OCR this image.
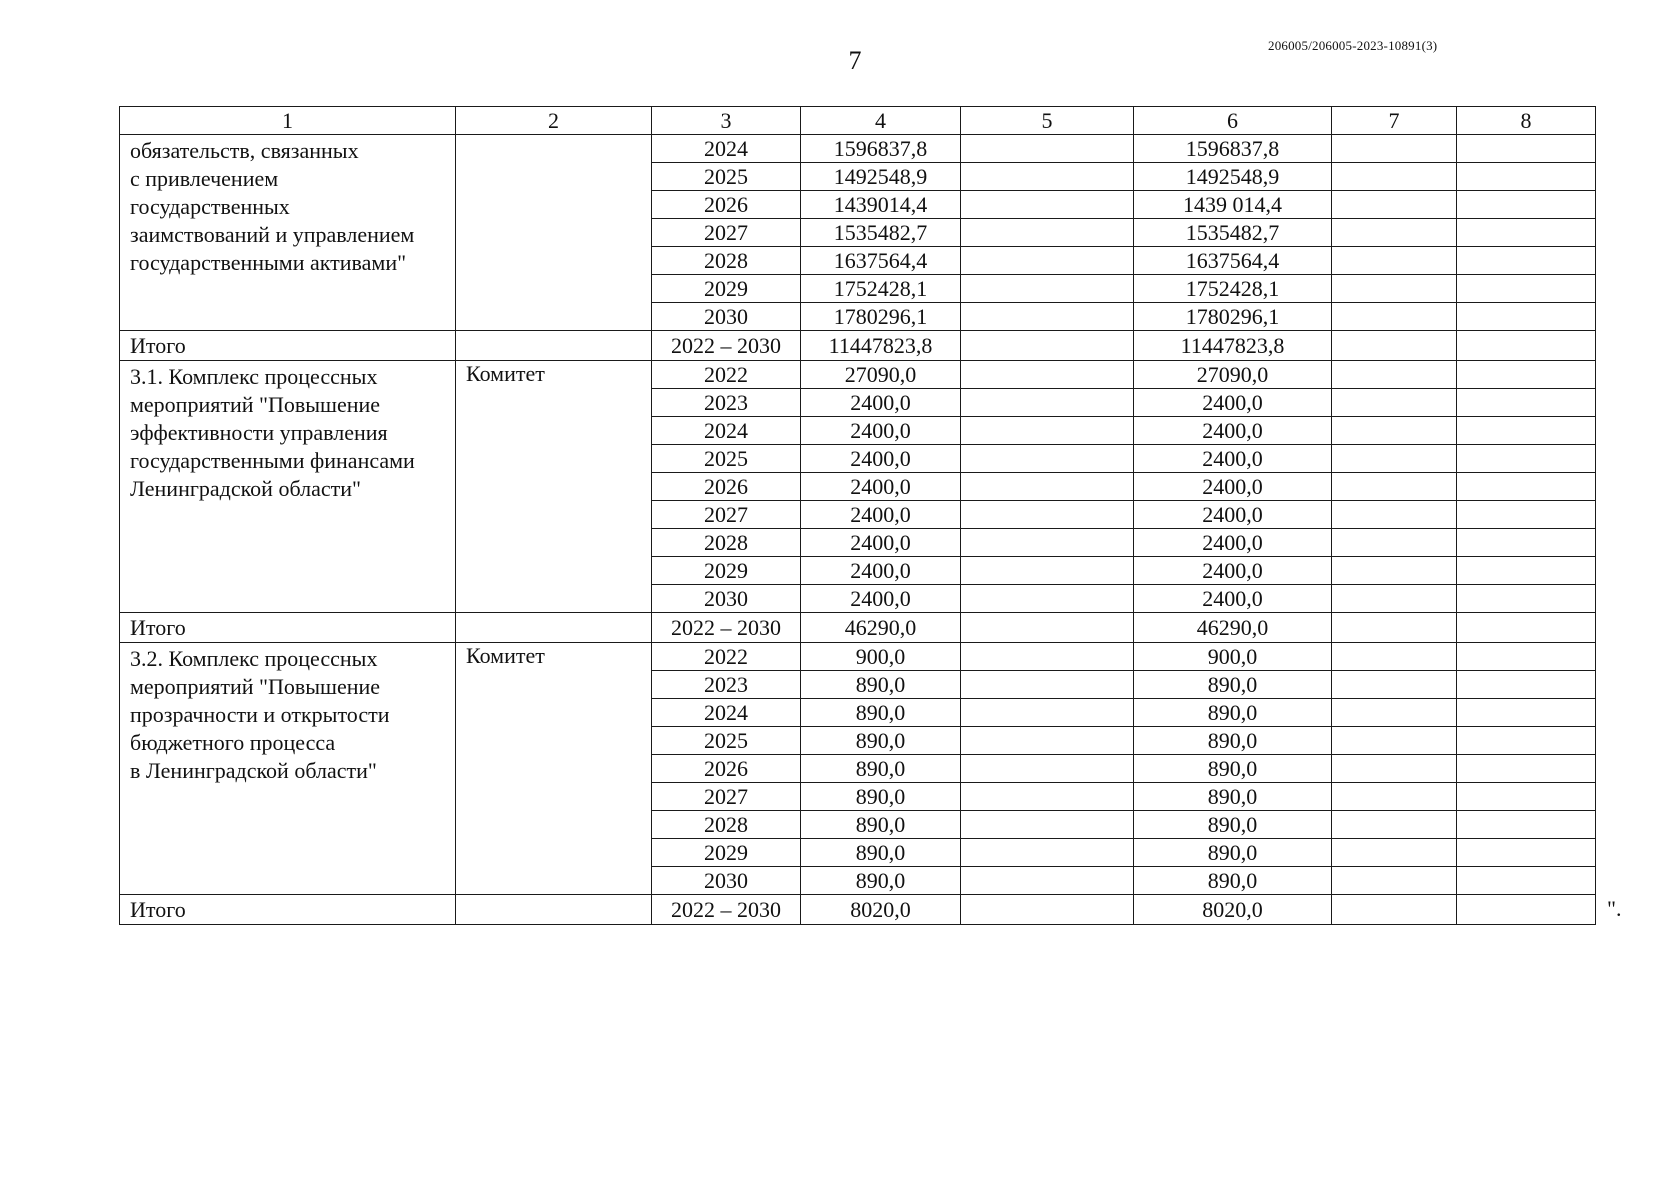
7
206005/206005-2023-10891(3)
1	2	3	4	5	6	7	8
обязательств, связанных
с привлечением
государственных
заимствований и управлением
государственными активами"		2024	1596837,8		1596837,8		
		2025	1492548,9		1492548,9		
		2026	1439014,4		1439 014,4		
		2027	1535482,7		1535482,7		
		2028	1637564,4		1637564,4		
		2029	1752428,1		1752428,1		
		2030	1780296,1		1780296,1		
Итого		2022 – 2030	11447823,8		11447823,8		
3.1. Комплекс процессных
мероприятий "Повышение
эффективности управления
государственными финансами
Ленинградской области"	Комитет	2022	27090,0		27090,0		
		2023	2400,0		2400,0		
		2024	2400,0		2400,0		
		2025	2400,0		2400,0		
		2026	2400,0		2400,0		
		2027	2400,0		2400,0		
		2028	2400,0		2400,0		
		2029	2400,0		2400,0		
		2030	2400,0		2400,0		
Итого		2022 – 2030	46290,0		46290,0		
3.2. Комплекс процессных
мероприятий "Повышение
прозрачности и открытости
бюджетного процесса
в Ленинградской области"	Комитет	2022	900,0		900,0		
		2023	890,0		890,0		
		2024	890,0		890,0		
		2025	890,0		890,0		
		2026	890,0		890,0		
		2027	890,0		890,0		
		2028	890,0		890,0		
		2029	890,0		890,0		
		2030	890,0		890,0		
Итого		2022 – 2030	8020,0		8020,0			".
